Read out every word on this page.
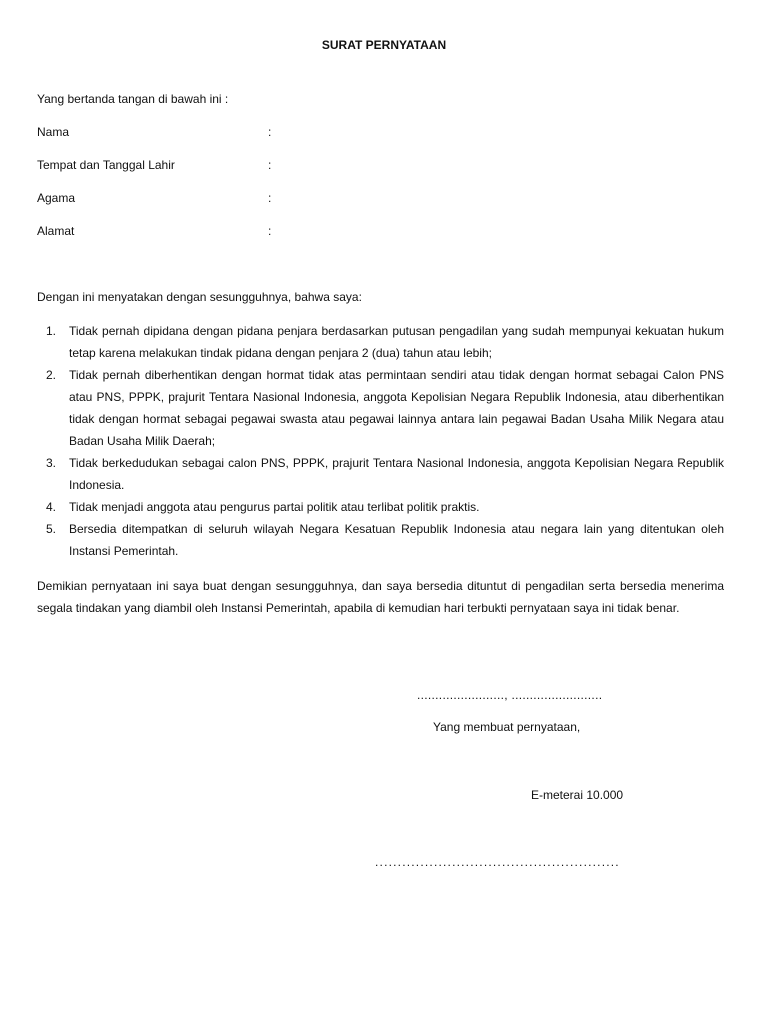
SURAT PERNYATAAN
Yang bertanda tangan di bawah ini :
Nama	:
Tempat dan Tanggal Lahir	:
Agama	:
Alamat	:
Dengan ini menyatakan dengan sesungguhnya, bahwa saya:
1. Tidak pernah dipidana dengan pidana penjara berdasarkan putusan pengadilan yang sudah mempunyai kekuatan hukum tetap karena melakukan tindak pidana dengan penjara 2 (dua) tahun atau lebih;
2. Tidak pernah diberhentikan dengan hormat tidak atas permintaan sendiri atau tidak dengan hormat sebagai Calon PNS atau PNS, PPPK, prajurit Tentara Nasional Indonesia, anggota Kepolisian Negara Republik Indonesia, atau diberhentikan tidak dengan hormat sebagai pegawai swasta atau pegawai lainnya antara lain pegawai Badan Usaha Milik Negara atau Badan Usaha Milik Daerah;
3. Tidak berkedudukan sebagai calon PNS, PPPK, prajurit Tentara Nasional Indonesia, anggota Kepolisian Negara Republik Indonesia.
4. Tidak menjadi anggota atau pengurus partai politik atau terlibat politik praktis.
5. Bersedia ditempatkan di seluruh wilayah Negara Kesatuan Republik Indonesia atau negara lain yang ditentukan oleh Instansi Pemerintah.
Demikian pernyataan ini saya buat dengan sesungguhnya, dan saya bersedia dituntut di pengadilan serta bersedia menerima segala tindakan yang diambil oleh Instansi Pemerintah, apabila di kemudian hari terbukti pernyataan saya ini tidak benar.
........................, .........................
Yang membuat pernyataan,
E-meterai 10.000
......................................................
